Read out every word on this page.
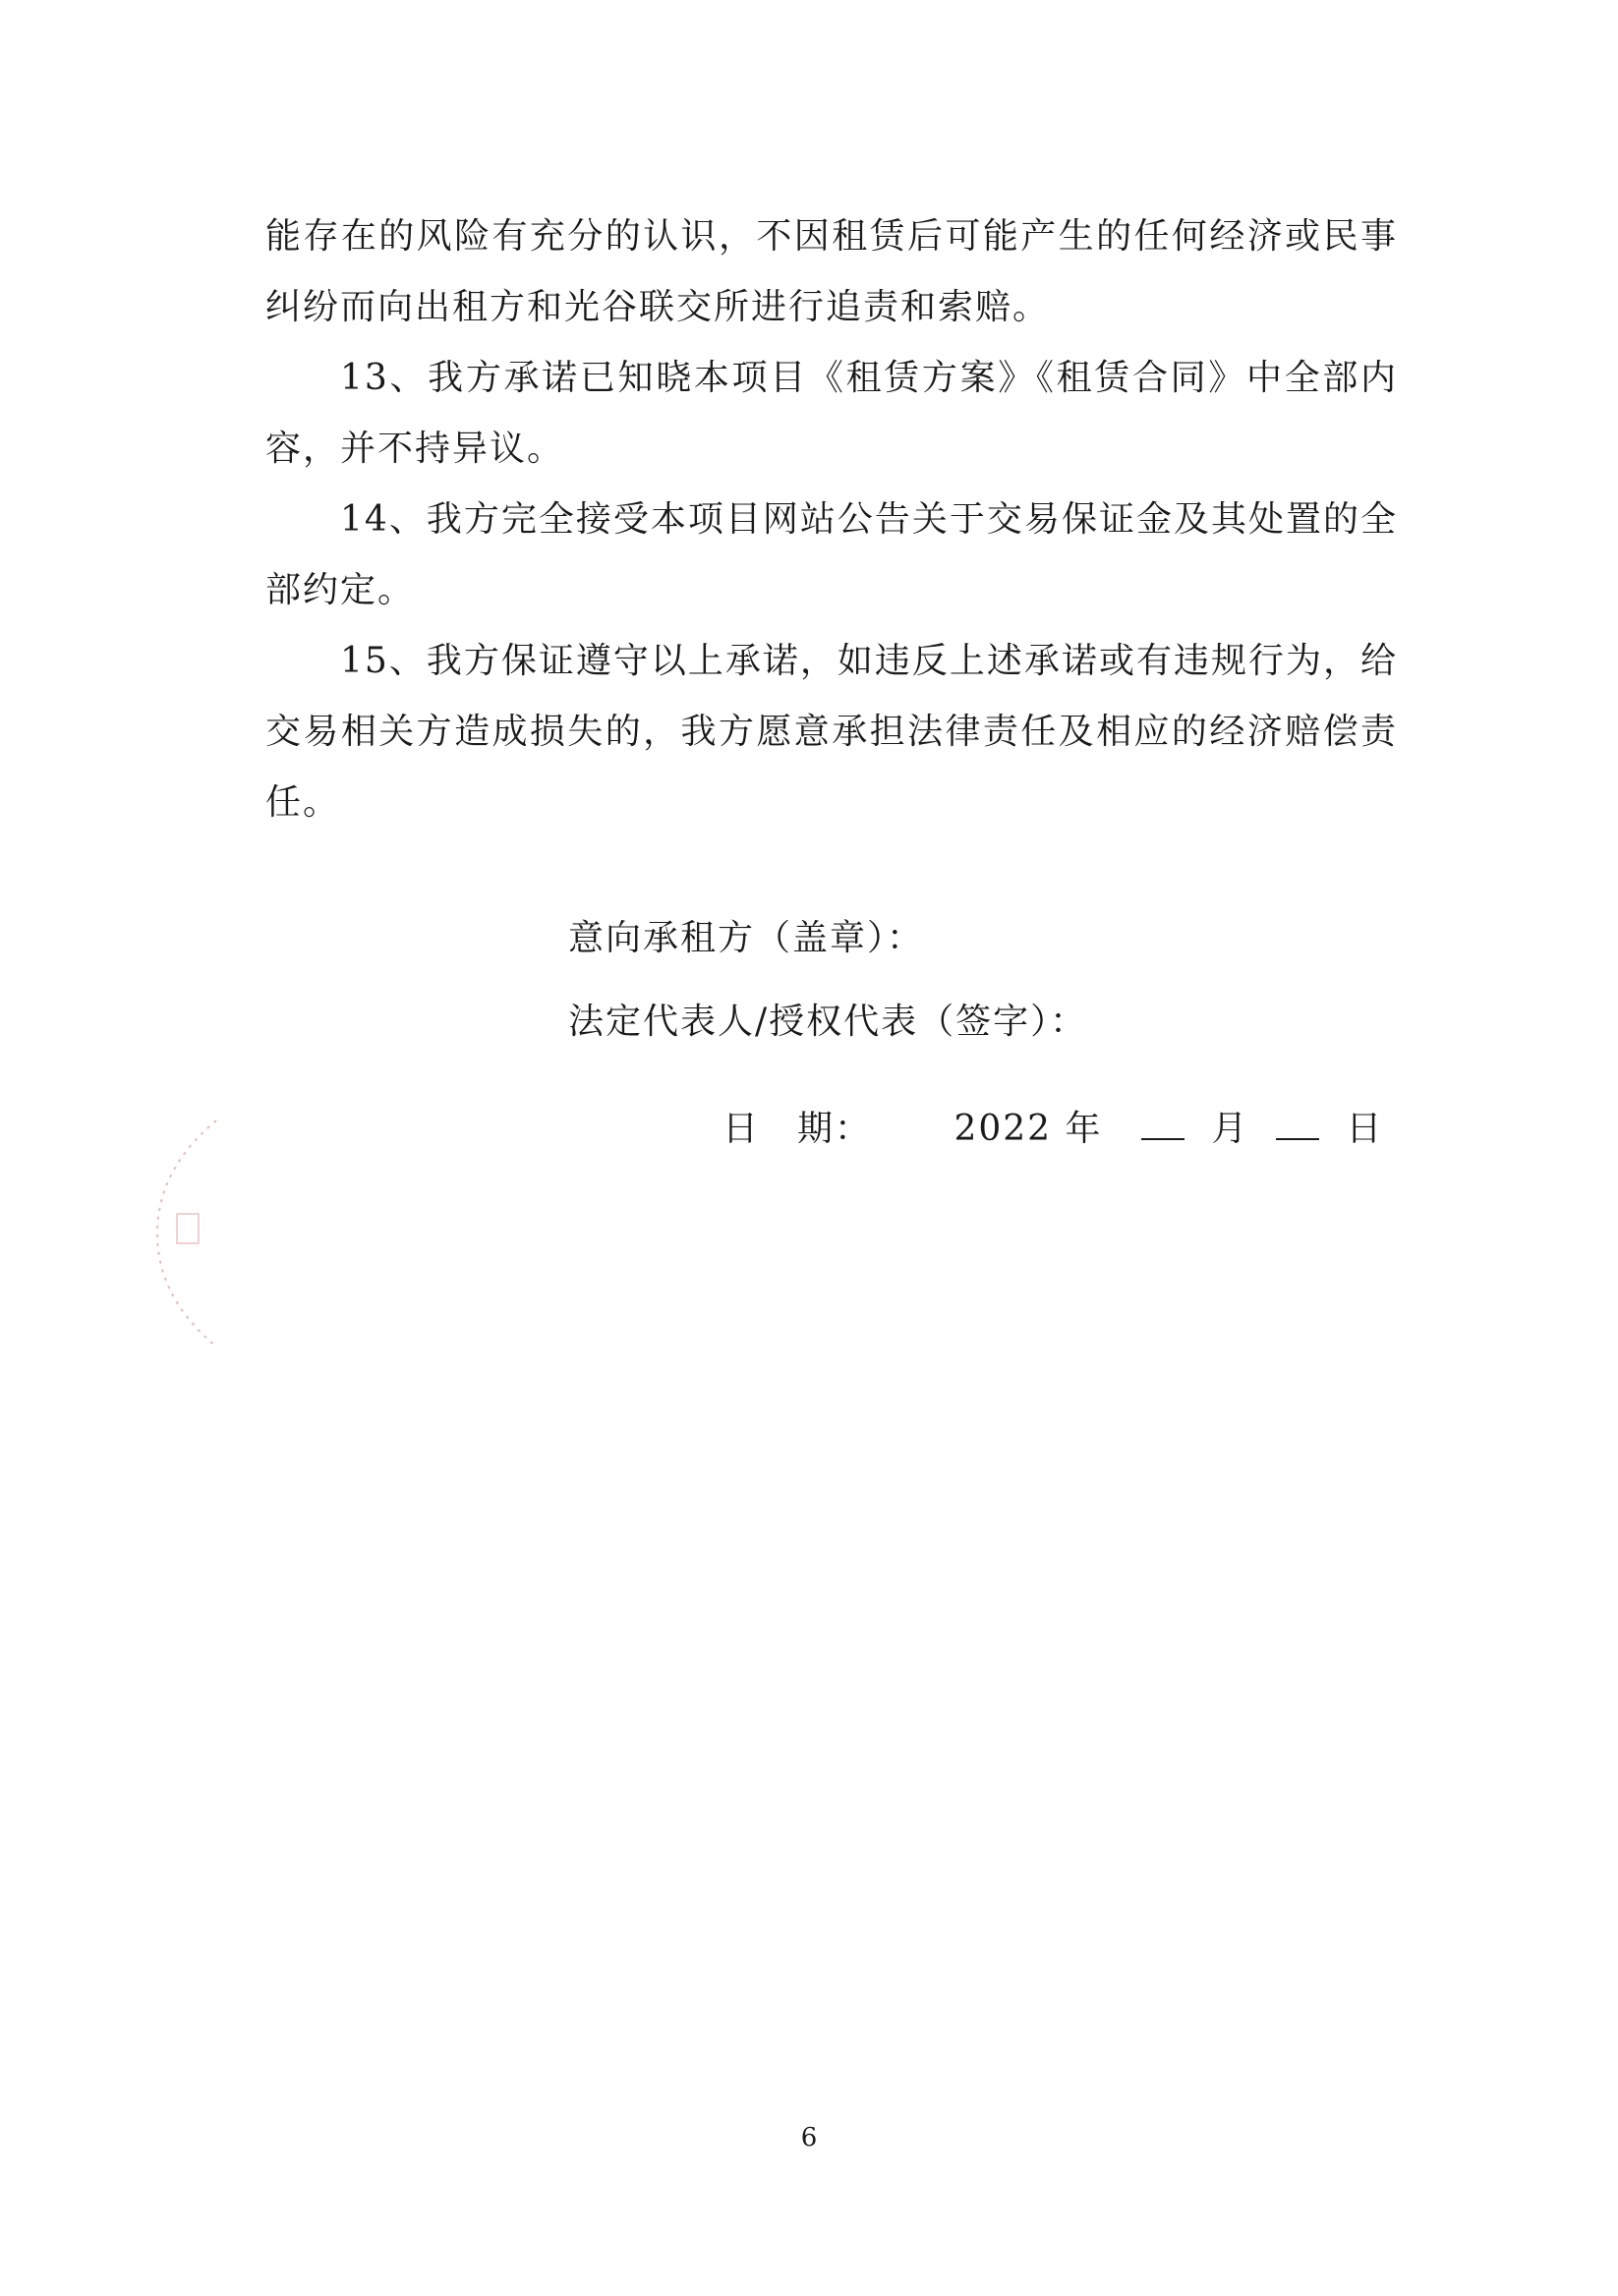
能存在的风险有充分的认识，不因租赁后可能产生的任何经济或民事纠纷而向出租方和光谷联交所进行追责和索赔。

13、我方承诺已知晓本项目《租赁方案》《租赁合同》中全部内容，并不持异议。

14、我方完全接受本项目网站公告关于交易保证金及其处置的全部约定。

15、我方保证遵守以上承诺，如违反上述承诺或有违规行为，给交易相关方造成损失的，我方愿意承担法律责任及相应的经济赔偿责任。

意向承租方（盖章）：

法定代表人/授权代表（签字）：

日　期： 2022 年	月	日
6
